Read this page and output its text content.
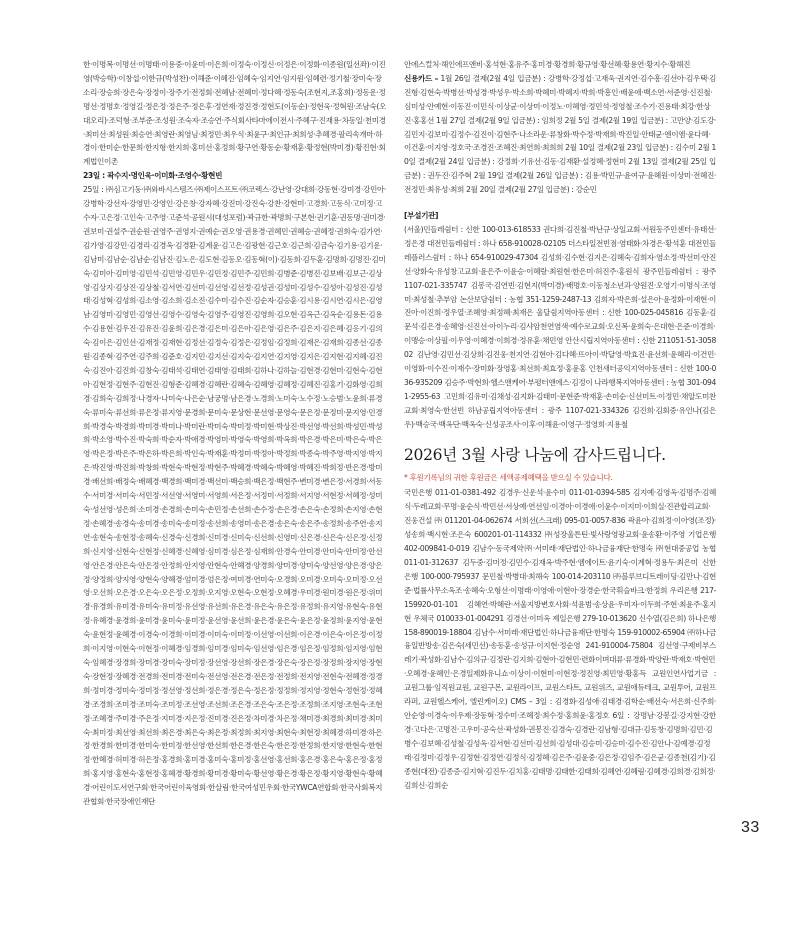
한·이명복·이명선·이명태·이용중·이윤미·이은희·이정숙·이정신·이정은·이정화·이종원(일선좌)·이진영(박승학)·이창섭·이한규(박성찬)·이해준·이혜진·임혜숙·임지연·임지원·임혜련·정기철·장미숙·장소리·장승희·장은숙·장정이·장주기·전정회·전혜남·전혜미·정다혜·정동숙(조현지,조홍희)·정동운·정명선·정명호·정영길·정은정·정은주·정은후·정연재·정진경·정현도(이동순)·정현욱·정혁원·조남숙(오대오리)·조덕형·조부준·조성원·조숙자·조승연·주식회사타마에이전시·주혜구·진재용·차동일·천미경·최미선·최성원·최승연·최영란·최영님·최정민·최우식·최윤구·최인규·최희성·추혜경·팔리속개마·하경이·한미순·한문희·한지형·한지희·홍미선·홍정희·황구연·황동순·황재훈·황정현(박미경)·황진현·회계법인이촌

23일 : 곽수지·명인욱·이미화·조영수·황현빈

25일 : ㈜심고기둥·㈜와바시스템즈·㈜제이스프트·㈜코렉스·강난영·강대희·강동현·강미경·강민아·강병학·강선자·강영민·강영인·강은창·강자혜·강진미·강진숙·강찬·강현미·고경희·고동식·고미정·고수자·고은정·고인숙·고주영·고준석·공원시(대성포럼)·곽규한·곽명희·구본현·권기훈·권동명·권미경·권보미·권설주·권순원·권영주·권영지·권예순·권오영·권용경·권혜민·권혜승·권혜정·권희숙·김가연·김가영·김강민·김경리·김경옥·김경환·김계윤·김고은·김광현·김근호·김근희·김금숙·김기용·김기운·김남미·김남순·김남순·김남진·김노은·김도현·김동오·김동혁(이)·김동희·김두훈·김명희·김명진·김미숙·김미아·김미영·김민석·김민영·김민우·김민정·김민주·김민희·김병준·김병진·김보배·김보근·김상영·김상지·김상진·김상철·김서연·김선미·김선영·김선정·김성권·김성미·김성수·김성아·김성진·김성태·김성혁·김성희·김소영·김소희·김소진·김수미·김수진·김순자·김승훈·김시용·김시연·김시은·김영남·김영미·김영민·김영선·김영수·김영숙·김영주·김영진·김영희·김오현·김옥근·김옥순·김용돈·김용수·김용현·김우진·김유진·김윤희·김은경·김은미·김은아·김은영·김은주·김은지·김은혜·김응기·김의숙·김이은·김인선·김재정·김재현·김정선·김정숙·김정은·김정임·김정희·김재은·김재희·김종선·김종원·김종혁·김주연·김주희·김준호·김지민·김지선·김지숙·김지연·김지영·김지은·김지현·김지혜·김진숙·김진아·김진희·김창숙·김태석·김태연·김태영·김태희·김하나·김하늘·김현경·김현미·김현숙·김현아·김현정·김현주·김현진·김형준·김혜경·김혜란·김혜숙·김혜영·김혜정·김혜진·김홍기·김화영·김희경·김희숙·김희정·나경자·나미숙·나은순·남궁명·남은경·노경희·노미숙·노수정·노승범·노윤희·류경숙·류미숙·류선희·류은정·류지영·문경희·문미숙·문상현·문선영·문영숙·문은정·문정미·문지영·민경희·박경숙·박경희·박미경·박미나·박미란·박미숙·박미정·박미현·박상진·박선영·박선희·박성민·박성희·박소영·박수진·박숙희·박순자·박애경·박영미·박영숙·박영희·박옥희·박은경·박은미·박은숙·박은영·박은정·박은주·박은하·박은희·박인숙·박재훈·박정미·박정아·박정희·박종숙·박주영·박지영·박지은·박진영·박진희·박창희·박현숙·박현정·박현주·박혜경·박혜숙·박혜영·박혜진·박희정·반은경·방미경·배선희·배정숙·배혜경·백경희·백미경·백선미·백승희·백은정·백현주·변미경·변은정·서경희·서동수·서미경·서미숙·서민정·서선영·서영미·서영희·서은정·서정미·서정희·서지영·서현정·서혜정·성미숙·성선영·성은희·소미경·손경희·손미숙·손민정·손선희·손수정·손은경·손은숙·손정희·손지영·손현정·손혜경·송경숙·송미경·송미숙·송미정·송선희·송영미·송은경·송은숙·송은주·송정희·송주연·송지연·송현숙·송현정·송혜숙·신경숙·신경희·신미경·신미숙·신선희·신영미·신은경·신은숙·신은정·신정희·신지영·신현숙·신현정·신혜경·신혜영·심미경·심은정·심재희·안경숙·안미경·안미숙·안미정·안선영·안은경·안은숙·안은정·안정희·안지영·안현숙·안혜경·양경희·양미경·양미숙·양선영·양은경·양은정·양정희·양지영·양현숙·양혜경·엄미경·엄은정·여미경·연미숙·오경희·오미경·오미숙·오미정·오선영·오선희·오은경·오은숙·오은정·오정희·오지영·오현숙·오현정·오혜경·우미경·원미경·원은정·위미경·유경희·유미경·유미숙·유미정·유선영·유선희·유은경·유은숙·유은정·유정희·유지영·유현숙·유현정·유혜경·윤경희·윤미경·윤미숙·윤미정·윤선영·윤선희·윤은경·윤은숙·윤은정·윤정희·윤지영·윤현숙·윤현정·윤혜경·이경숙·이경희·이미경·이미숙·이미정·이선영·이선희·이은경·이은숙·이은정·이정희·이지영·이현숙·이현정·이혜경·임경희·임미경·임미숙·임선영·임은경·임은정·임정희·임지영·임현숙·임혜경·장경희·장미경·장미숙·장미정·장선영·장선희·장은경·장은숙·장은정·장정희·장지영·장현숙·장현정·장혜경·전경희·전미경·전미숙·전선영·전은경·전은정·전정희·전지영·전현숙·전혜경·정경희·정미경·정미숙·정미정·정선영·정선희·정은경·정은숙·정은정·정정희·정지영·정현숙·정현정·정혜경·조경희·조미경·조미숙·조미정·조선영·조선희·조은경·조은숙·조은정·조정희·조지영·조현숙·조현정·조혜경·주미경·주은정·지미경·지은정·진미경·진은정·차미경·차은정·채미경·최경희·최미경·최미숙·최미정·최선영·최선희·최은경·최은숙·최은정·최정희·최지영·최현숙·최현정·최혜경·하미경·하은정·한경희·한미경·한미숙·한미정·한선영·한선희·한은경·한은숙·한은정·한정희·한지영·한현숙·한현정·한혜경·허미경·허은정·홍경희·홍미경·홍미숙·홍미정·홍선영·홍선희·홍은경·홍은숙·홍은정·홍정희·홍지영·홍현숙·홍현정·홍혜경·황경희·황미경·황미숙·황선영·황은경·황은정·황지영·황현숙·황혜경·어린이도서연구회·한국어린이육영회·한살림·한국여성민우회·한국YWCA연합회·한국사회복지관협회·한국장애인재단

안에스컬처·해인에프앤비·홍석현·홍유주·홍미경·황경희·황규영·황선혜·황용연·황지수·황해진

신용카드 – 1월 26일 결제(2월 4일 입금분) : 강병학·강정섭·고재욱·권지연·김수흥·김선아·김우택·김진형·김현숙·박병선·박성경·박성우·박소희·박혜미·박혜지·박희·박흥인·배윤애·백소연·서준영·신진철·심미성·안예현·이동진·이민식·이상균·이상미·이정노·이혜영·정민석·정영철·조수기·진용태·최강·한상진·홍홍선 1월 27일 결제(2월 9일 입금분) : 임희정 2월 5일 결제(2월 19일 입금분) : 고만양·김도강·김민지·김보미·김정수·김진이·김현주·나소라운·류창화·박수정·박재희·박진일·안태균·엔이엠·윤다혜·이건훈·이지영·정호국·조경진·조혜진·최연희·최희희 2월 10일 결제(2월 23일 입금분) : 김수미 2월 10일 결제(2월 24일 입금분) : 강정희·기유선·김동·김재환·설정혜·정현미 2월 13일 결제(2월 25일 입금분) : 권두진·김주혁 2월 19일 결제(2월 26일 입금분) : 김용·박민규·윤여규·윤혜원·이상미·전혜진·전정민·최유성·최희 2월 20일 결제(2월 27일 입금분) : 강순민

[부설기관]

(서울)민들레쉼터 : 신한 100-013-618533 권다희·김진철·박난규·상일교회·서원동주민센터·유태선·정은경 대전민들레쉼터 : 하나 658-910028-02105 더스타일전빈점·염태화·차경은·황석훈 대전민들레플러스쉼터 : 하나 654-910029-47304 김성희·김수현·김지은·김혜숙·김희자·염소정·박선미·안진선·양화숙·유성창고교회·윤은주·이윤승·이혜랑·최원현·한은미·허진주·홍원식 광주민들레쉼터 : 광주 1107-021-335747 김봉국·김연빈·김현지(박미경)·배명호·이동청소년과·양원진·오영기·이명식·조영미·최성철·추부암 논산보담쉼터 : 농협 351-1259-2487-13 김희자·박은희·설은아·윤정화·이재현·이진아·이진희·정우열·조혜영·최정혜·최재은 울달쉼지역아동센터 : 신한 100-025-045816 김동훈·김문석·김은경·송혜영·신진선·아이누리·김샤암천연염색·예수로교회·오신복·윤희숙·은대현·은준·이경희·이맹승·이상필·이우영·이혜경·이희경·정유훈·채민영 안산시립지역아동센터 : 신한 211051-51-305802 김난영·김민선·김상희·김진웅·천지연·김현아·김다혜·뜨아이·박달영·박효진·윤선희·윤혜리·이건민·이영화·이수진·이재수·장미화·장영홍·최선희·최효정·홍윤홍 인천새터공익지역아동센터 : 신한 100-036-935209 김승주·박현희·헬스앤케어·부평터앤에스·김정이 나라행복지역아동센터 : 농협 301-0941-2955-63 고민희·김유미·김채성·김지화·김태미·문현준·박재훈·손미순·신선미트·이정민·채알도미찬교회·최영숙·한선빈 하남공립지역아동센터 : 광주 1107-021-334326 김진희·김회중·유인나(김은우)·백승국·백옥단·백옥숙·신성공조사·이후·이해윤·이영구·정영희·지용철

2026년 3월 사랑 나눔에 감사드립니다.
* 후원기록님의 귀한 후원금은 세액공제혜택을 받으실 수 있습니다.

국민은행 011-01-0381-492 김경우·신운석·윤수미 011-01-0394-585 김지예·김영옥·김명주·김혜식·두레교회·무명·윤순식·박민선·서상예·연선임·이경아·이경애·이윤수·이지미·이희실·진관합리교회·진웅건설 ㈜ 011201-04-062674 서희선(스크래) 095-01-0057-836 곽윤아·김희정·이아영(조정)·성송희·백시현·조은숙 600201-01-114332 ㈜성장울튼틴·빛사랑영광교회·윤송환·이주영 기업은행 402-009841-0-019 김남수·동국제약㈜·서미래·재단법인·하나금융재단·한명숙 ㈜현대중공업 농협 011-01-312637 김두중·김미정·김민수·김재옥·박주현·엠에이트·윤기숙·이계혁·정용두·최은미 신한은행 100-000-795937 문민철·박병대·최해숙 100-014-203110 ㈜블루브디트레이딩·김만나·김현준·법률사무소옥조·송혜숙·오형선·이명래·이영애·이현아·장경순·한국휘슬바크·한정희 우리은행 217-159920-01-101 김혜연·박혜란·서울지방변호사회·석윤범·송상윤·우미자·이두희·주현·최윤주·홍지현 우체국 010033-01-004291 김경선·이미옥 제일은행 279-10-013620 신수열(김은희) 하나은행 158-890019-18804 김남수·서미래·재단법인·하나금융재단·한명숙 159-910002-65904 ㈜하나금융일반방송·김은숙(세민선)·송동훈·송성규·이지현·정순영 241-910004-75804 김선영·구제비부스레기·곽성화·김남수·김의규·김정란·김지희·김현아·김현민·련화이며대류·류경화·박양란·박재호·박현민·오혜경·윤혜인·은경일제화유니쇼·이상이·이현미·이현정·정진영·최민영·황홍득 교원인연사업기금 : 교원그룹·임직원교원, 교원구몬, 교원라이프, 교원스타트, 교원위즈, 교원애듀테크, 교원투어, 교원프라퍼, 교원헬스케어, 엘린케이오) CMS – 3일 : 김경화·김성애·김태경·김학순·배선숙·서은희·신주희·안순영·이경숙·이우제·장동혁·정수미·조혜정·최수정·홍희윤·홍정호 6일 : 강명남·강봉길·강지현·강한경·고다은·고명진·고우미·공숙선·곽성화·권봉진·김경숙·김경란·김남형·김대규·김동창·김명희·김민·김병수·김보혜·김성철·김성옥·김서현·김선미·김선희·김성대·김승미·김승미·김수진·김안나·김예경·김정래·김정미·김정우·김정현·김정연·김정식·김정혜·김은주·김윤중·김은정·김임주·김은균·김종천(김기)·김종현(대전)·김종증·김지혁·김진두·김치홍·김태명·김태한·김태희·김혜연·김혜림·김혜경·김희경·김희정·김희신·김희순

33
